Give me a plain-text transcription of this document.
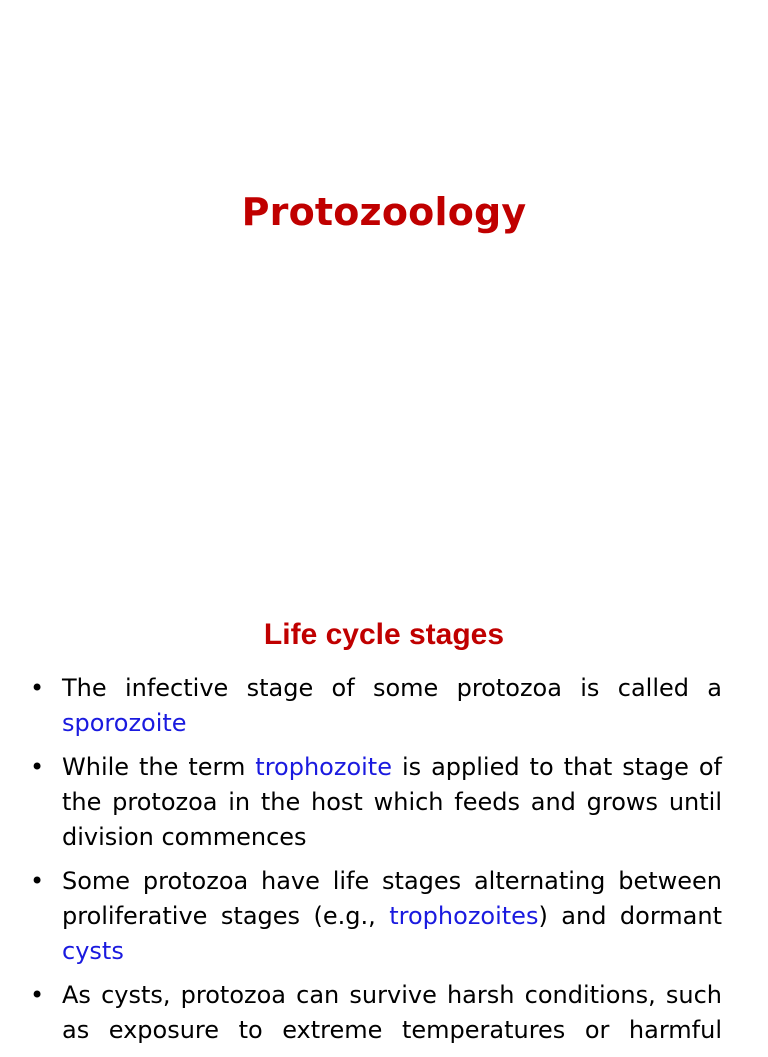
Protozoology
Life cycle stages
• The infective stage of some protozoa is called a sporozoite
• While the term trophozoite is applied to that stage of the protozoa in the host which feeds and grows until division commences
• Some protozoa have life stages alternating between proliferative stages (e.g., trophozoites) and dormant cysts
• As cysts, protozoa can survive harsh conditions, such as exposure to extreme temperatures or harmful
